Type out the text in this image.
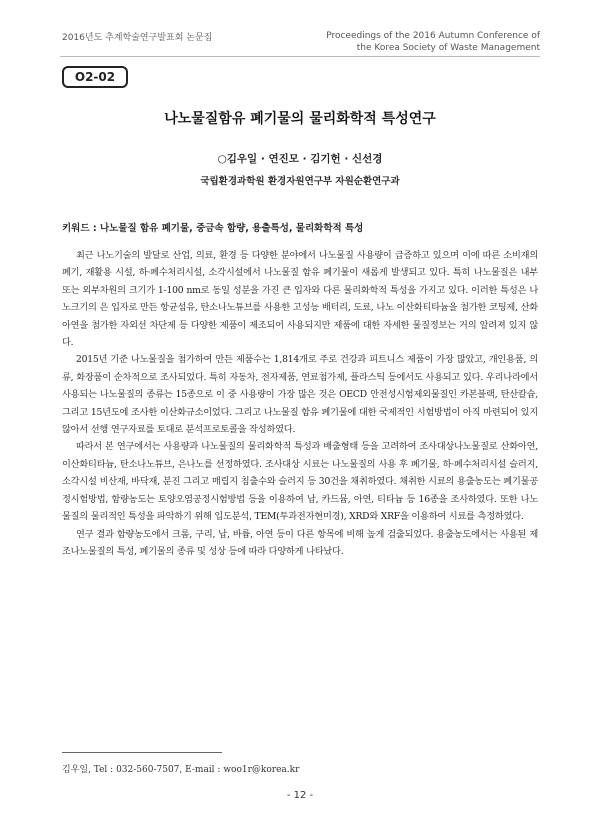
2016년도 추계학술연구발표회 논문집	Proceedings of the 2016 Autumn Conference of
the Korea Society of Waste Management
O2-02
나노물질함유 폐기물의 물리화학적 특성연구
○김우일 · 연진모 · 김기헌 · 신선경
국립환경과학원 환경자원연구부 자원순환연구과
키워드 : 나노물질 함유 폐기물, 중금속 함량, 용출특성, 물리화학적 특성

최근 나노기술의 발달로 산업, 의료, 환경 등 다양한 분야에서 나노물질 사용량이 급증하고 있으며 이에 따른 소비재의 폐기, 재활용 시설, 하·폐수처리시설, 소각시설에서 나노물질 함유 폐기물이 새롭게 발생되고 있다. 특히 나노물질은 내부 또는 외부차원의 크기가 1-100 nm로 동일 성분을 가진 큰 입자와 다른 물리화학적 특성을 가지고 있다. 이러한 특성은 나노크기의 은 입자로 만든 항균섬유, 탄소나노튜브를 사용한 고성능 배터리, 도료, 나노 이산화티타늄을 첨가한 코팅제, 산화아연을 첨가한 자외선 차단제 등 다양한 제품이 제조되어 사용되지만 제품에 대한 자세한 물질정보는 거의 알려져 있지 않다.

2015년 기준 나노물질을 첨가하여 만든 제품수는 1,814개로 주로 건강과 피트니스 제품이 가장 많았고, 개인용품, 의류, 화장품이 순차적으로 조사되었다. 특히 자동차, 전자제품, 연료첨가제, 플라스틱 등에서도 사용되고 있다. 우리나라에서 사용되는 나노물질의 종류는 15종으로 이 중 사용량이 가장 많은 것은 OECD 안전성시험제외물질인 카본블랙, 탄산칼슘, 그리고 15년도에 조사한 이산화규소이었다. 그리고 나노물질 함유 폐기물에 대한 국제적인 시험방법이 아직 마련되어 있지 않아서 선행 연구자료를 토대로 분석프로토콜을 작성하였다.

따라서 본 연구에서는 사용량과 나노물질의 물리화학적 특성과 배출형태 등을 고려하여 조사대상나노물질로 산화아연, 이산화티타늄, 탄소나노튜브, 은나노를 선정하였다. 조사대상 시료는 나노물질의 사용 후 폐기물, 하·폐수처리시설 슬러지, 소각시설 비산재, 바닥재, 분진 그리고 매립지 침출수와 슬러지 등 30건을 채취하였다. 채취한 시료의 용출농도는 폐기물공정시험방법, 함량농도는 토양오염공정시험방법 등을 이용하여 납, 카드뮴, 아연, 티타늄 등 16종을 조사하였다. 또한 나노물질의 물리적인 특성을 파악하기 위해 입도분석, TEM(투과전자현미경), XRD와 XRF을 이용하여 시료를 측정하였다.

연구 결과 함량농도에서 크롬, 구리, 납, 바륨, 아연 등이 다른 항목에 비해 높게 검출되었다. 용출농도에서는 사용된 제조나노물질의 특성, 폐기물의 종류 및 성상 등에 따라 다양하게 나타났다.

김우일, Tel : 032-560-7507, E-mail : woo1r@korea.kr
- 12 -
